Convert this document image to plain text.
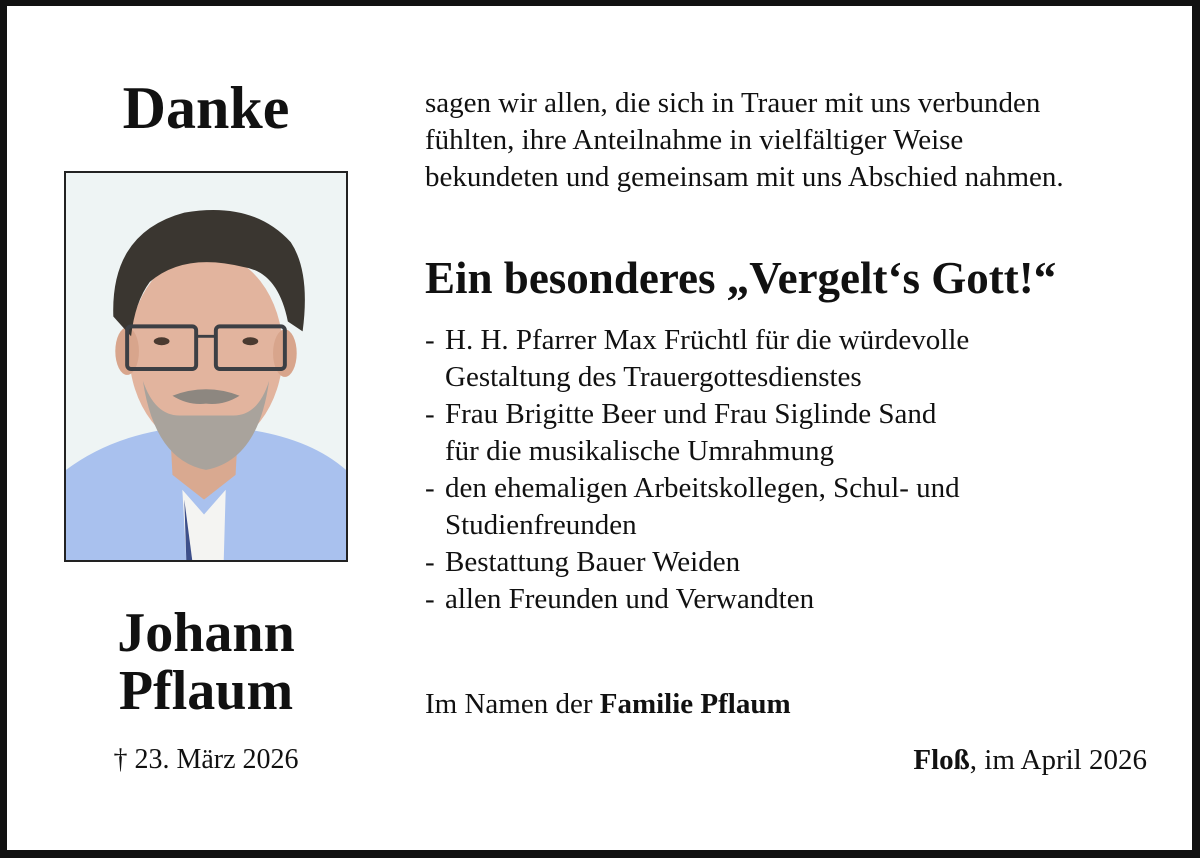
Danke
Johann
Pflaum
† 23. März 2026
sagen wir allen, die sich in Trauer mit uns verbunden
fühlten, ihre Anteilnahme in vielfältiger Weise
bekundeten und gemeinsam mit uns Abschied nahmen.
Ein besonderes „Vergelt‘s Gott!“
- H. H. Pfarrer Max Früchtl für die würdevolle
Gestaltung des Trauergottesdienstes
- Frau Brigitte Beer und Frau Siglinde Sand
für die musikalische Umrahmung
- den ehemaligen Arbeitskollegen, Schul- und
Studienfreunden
- Bestattung Bauer Weiden
- allen Freunden und Verwandten
Im Namen der Familie Pflaum
Floß, im April 2026
